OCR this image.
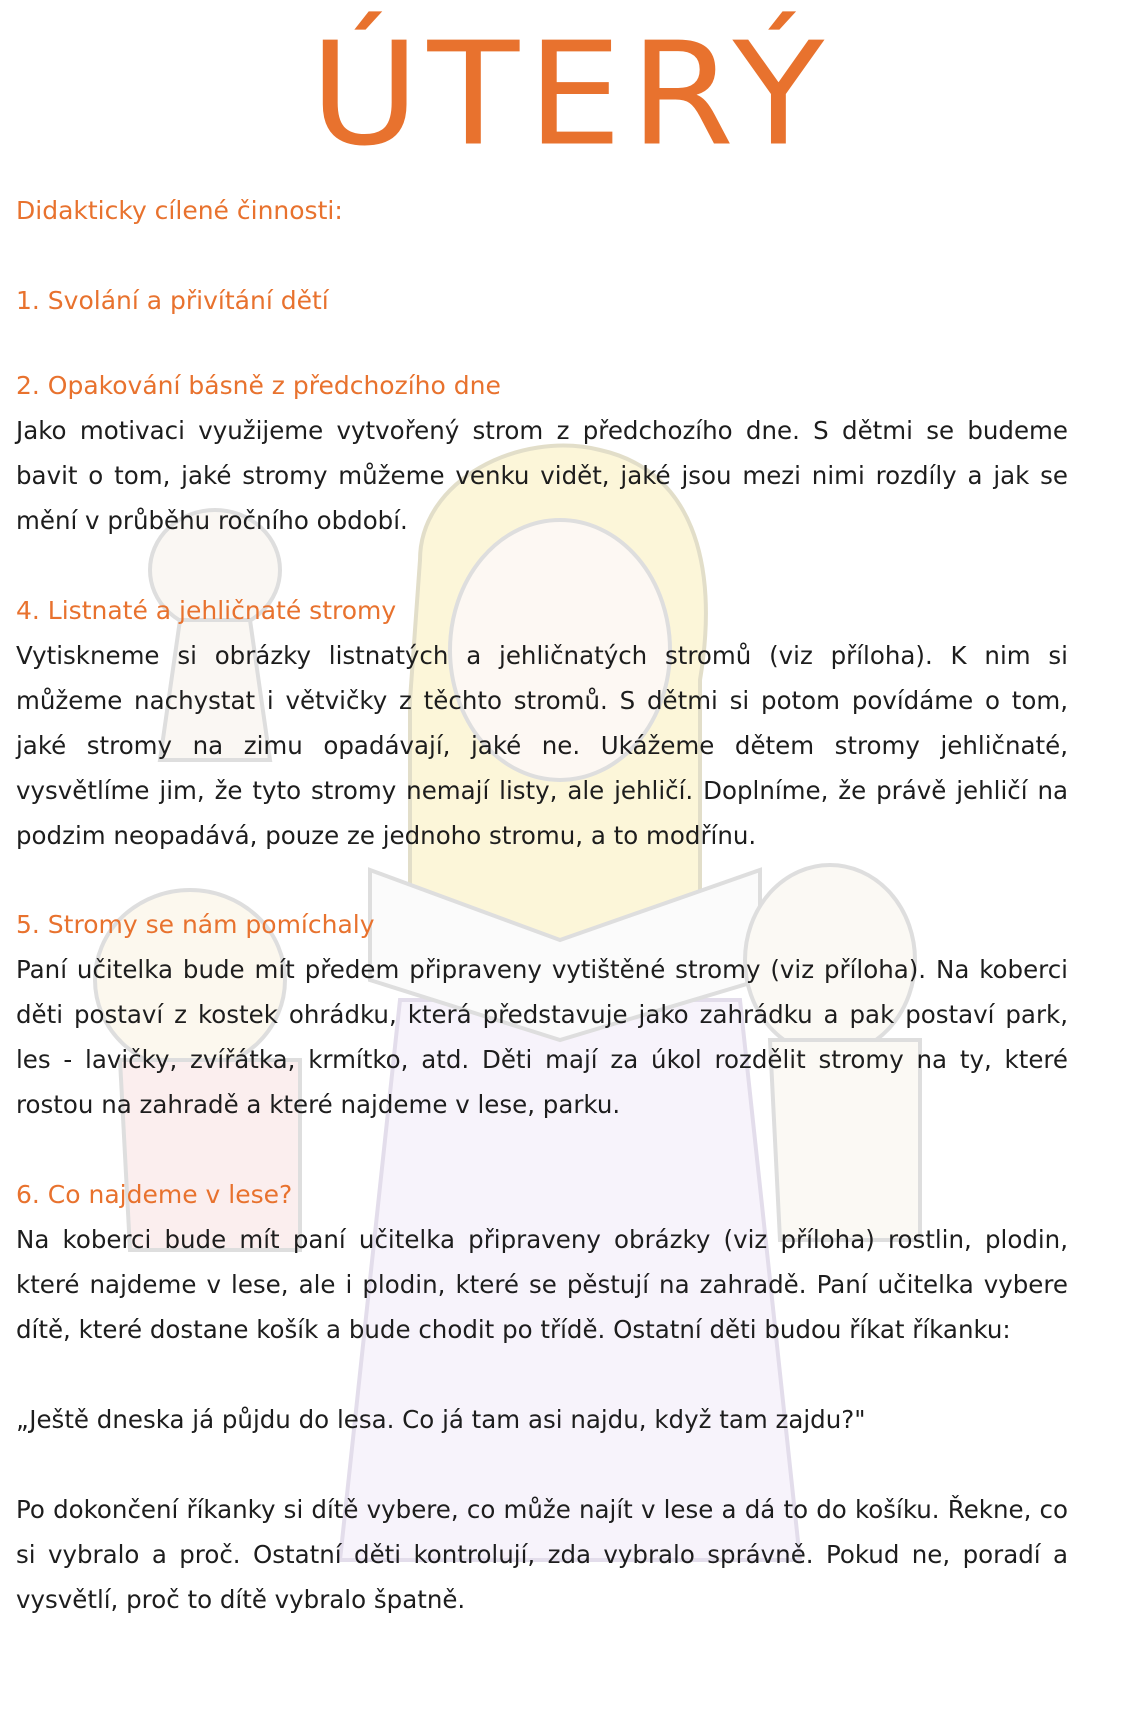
ÚTERÝ

Didakticky cílené činnosti:

1. Svolání a přivítání dětí

2. Opakování básně z předchozího dne

Jako motivaci využijeme vytvořený strom z předchozího dne. S dětmi se budeme bavit o tom, jaké stromy můžeme venku vidět, jaké jsou mezi nimi rozdíly a jak se mění v průběhu ročního období.

4. Listnaté a jehličnaté stromy

Vytiskneme si obrázky listnatých a jehličnatých stromů (viz příloha). K nim si můžeme nachystat i větvičky z těchto stromů. S dětmi si potom povídáme o tom, jaké stromy na zimu opadávají, jaké ne. Ukážeme dětem stromy jehličnaté, vysvětlíme jim, že tyto stromy nemají listy, ale jehličí. Doplníme, že právě jehličí na podzim neopadává, pouze ze jednoho stromu, a to modřínu.

5. Stromy se nám pomíchaly

Paní učitelka bude mít předem připraveny vytištěné stromy (viz příloha). Na koberci děti postaví z kostek ohrádku, která představuje jako zahrádku a pak postaví park, les - lavičky, zvířátka, krmítko, atd. Děti mají za úkol rozdělit stromy na ty, které rostou na zahradě a které najdeme v lese, parku.

6. Co najdeme v lese?

Na koberci bude mít paní učitelka připraveny obrázky (viz příloha) rostlin, plodin, které najdeme v lese, ale i plodin, které se pěstují na zahradě. Paní učitelka vybere dítě, které dostane košík a bude chodit po třídě. Ostatní děti budou říkat říkanku:

„Ještě dneska já půjdu do lesa. Co já tam asi najdu, když tam zajdu?"

Po dokončení říkanky si dítě vybere, co může najít v lese a dá to do košíku. Řekne, co si vybralo a proč. Ostatní děti kontrolují, zda vybralo správně. Pokud ne, poradí a vysvětlí, proč to dítě vybralo špatně.
